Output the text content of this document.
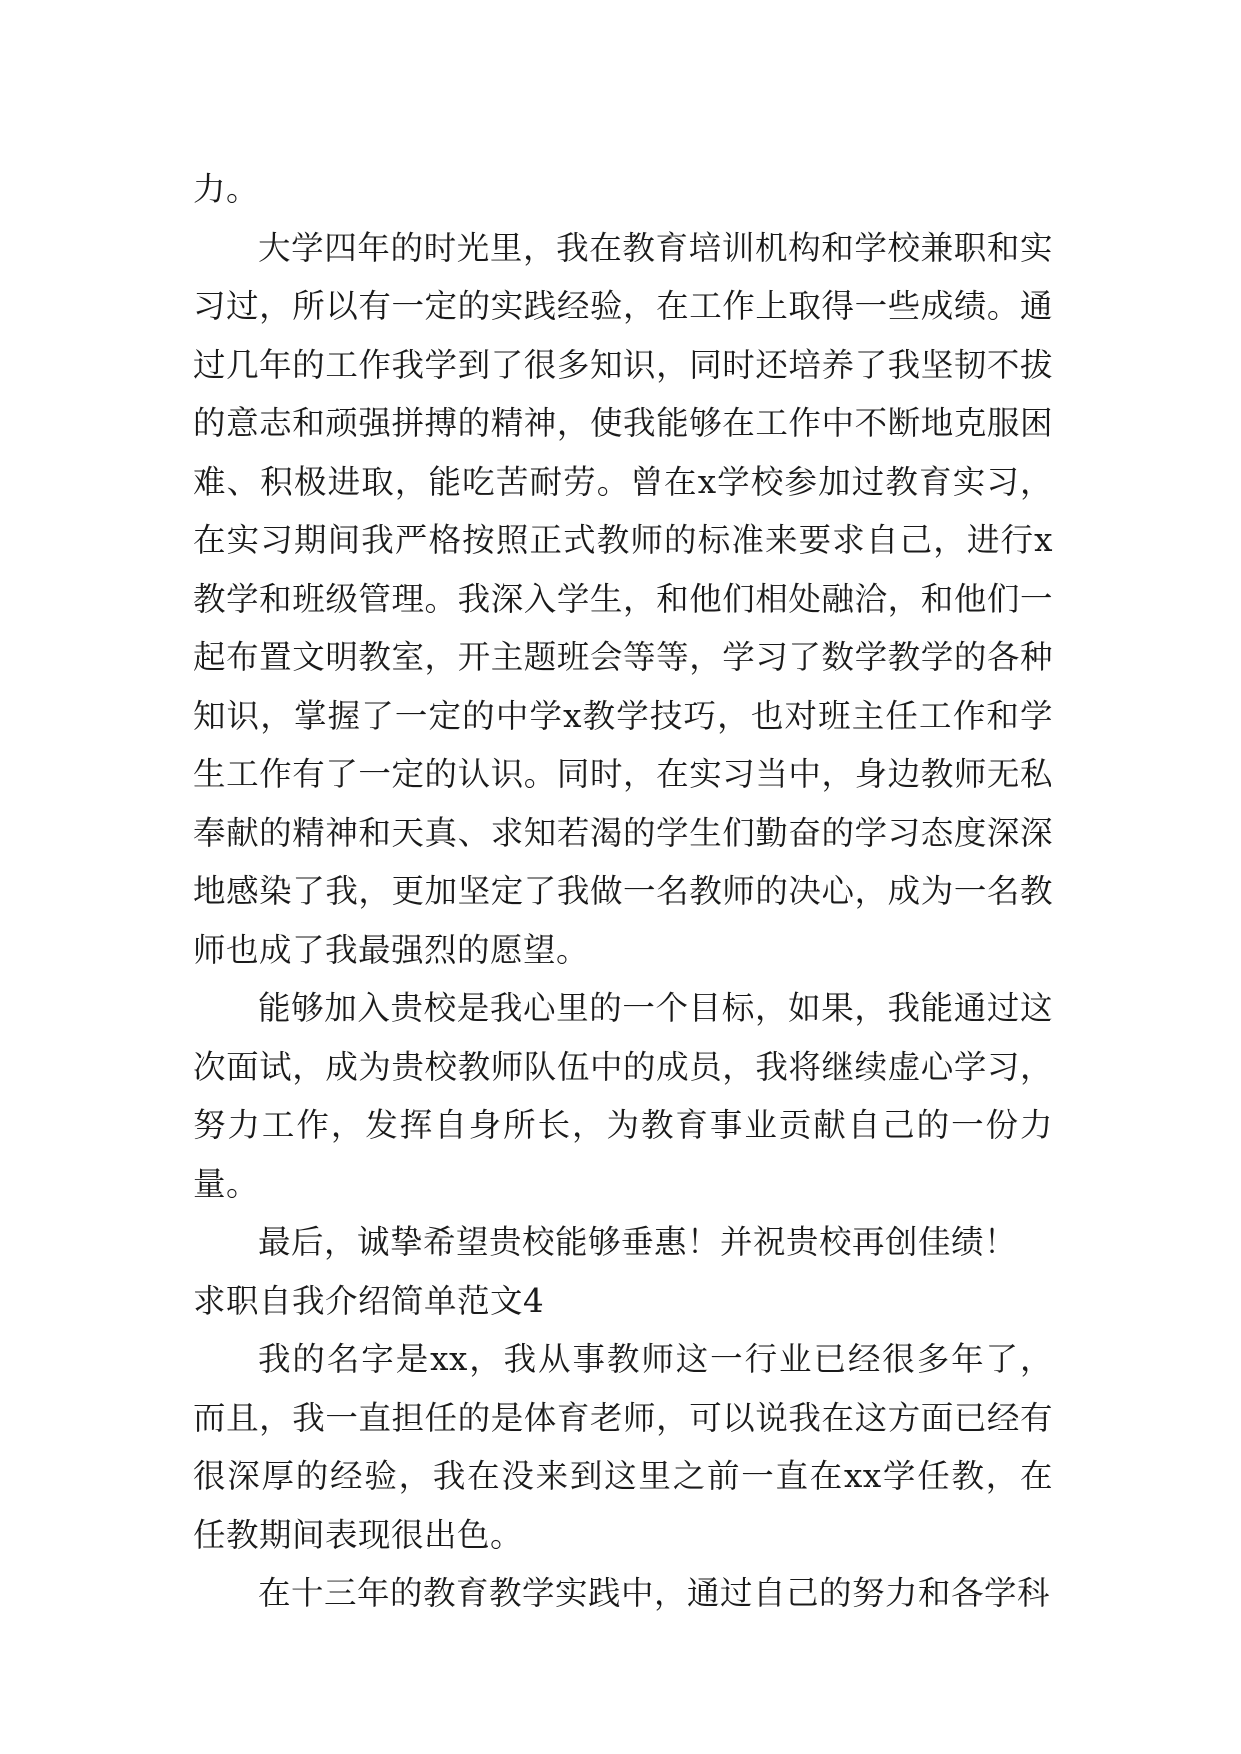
力。

大学四年的时光里，我在教育培训机构和学校兼职和实习过，所以有一定的实践经验，在工作上取得一些成绩。通过几年的工作我学到了很多知识，同时还培养了我坚韧不拔的意志和顽强拼搏的精神，使我能够在工作中不断地克服困难、积极进取，能吃苦耐劳。曾在x学校参加过教育实习，在实习期间我严格按照正式教师的标准来要求自己，进行x教学和班级管理。我深入学生，和他们相处融洽，和他们一起布置文明教室，开主题班会等等，学习了数学教学的各种知识，掌握了一定的中学x教学技巧，也对班主任工作和学生工作有了一定的认识。同时，在实习当中，身边教师无私奉献的精神和天真、求知若渴的学生们勤奋的学习态度深深地感染了我，更加坚定了我做一名教师的决心，成为一名教师也成了我最强烈的愿望。

能够加入贵校是我心里的一个目标，如果，我能通过这次面试，成为贵校教师队伍中的成员，我将继续虚心学习，努力工作，发挥自身所长，为教育事业贡献自己的一份力量。

最后，诚挚希望贵校能够垂惠！并祝贵校再创佳绩！

求职自我介绍简单范文4

我的名字是xx，我从事教师这一行业已经很多年了，而且，我一直担任的是体育老师，可以说我在这方面已经有很深厚的经验，我在没来到这里之前一直在xx学任教，在任教期间表现很出色。

在十三年的教育教学实践中，通过自己的努力和各学科
